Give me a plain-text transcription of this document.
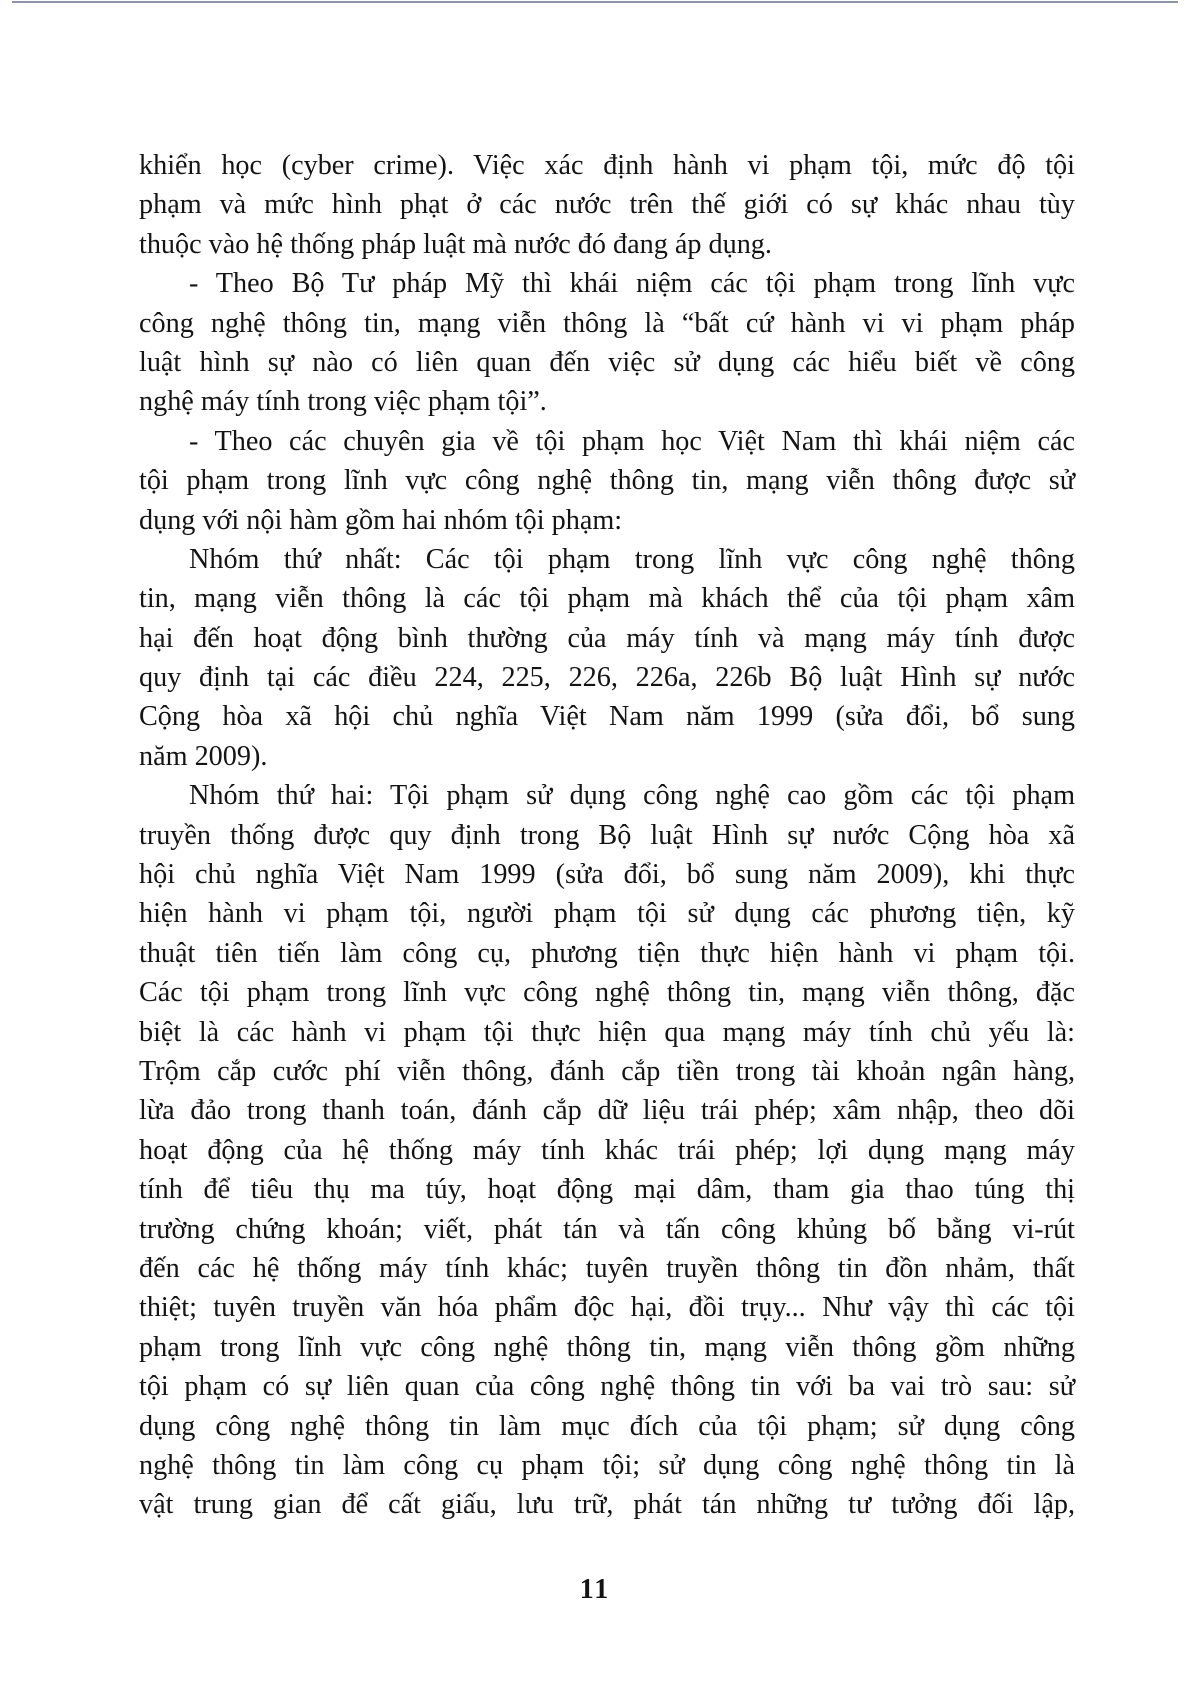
khiển học (cyber crime). Việc xác định hành vi phạm tội, mức độ tội
phạm và mức hình phạt ở các nước trên thế giới có sự khác nhau tùy
thuộc vào hệ thống pháp luật mà nước đó đang áp dụng.
- Theo Bộ Tư pháp Mỹ thì khái niệm các tội phạm trong lĩnh vực
công nghệ thông tin, mạng viễn thông là “bất cứ hành vi vi phạm pháp
luật hình sự nào có liên quan đến việc sử dụng các hiểu biết về công
nghệ máy tính trong việc phạm tội”.
- Theo các chuyên gia về tội phạm học Việt Nam thì khái niệm các
tội phạm trong lĩnh vực công nghệ thông tin, mạng viễn thông được sử
dụng với nội hàm gồm hai nhóm tội phạm:
Nhóm thứ nhất: Các tội phạm trong lĩnh vực công nghệ thông
tin, mạng viễn thông là các tội phạm mà khách thể của tội phạm xâm
hại đến hoạt động bình thường của máy tính và mạng máy tính được
quy định tại các điều 224, 225, 226, 226a, 226b Bộ luật Hình sự nước
Cộng hòa xã hội chủ nghĩa Việt Nam năm 1999 (sửa đổi, bổ sung
năm 2009).
Nhóm thứ hai: Tội phạm sử dụng công nghệ cao gồm các tội phạm
truyền thống được quy định trong Bộ luật Hình sự nước Cộng hòa xã
hội chủ nghĩa Việt Nam 1999 (sửa đổi, bổ sung năm 2009), khi thực
hiện hành vi phạm tội, người phạm tội sử dụng các phương tiện, kỹ
thuật tiên tiến làm công cụ, phương tiện thực hiện hành vi phạm tội.
Các tội phạm trong lĩnh vực công nghệ thông tin, mạng viễn thông, đặc
biệt là các hành vi phạm tội thực hiện qua mạng máy tính chủ yếu là:
Trộm cắp cước phí viễn thông, đánh cắp tiền trong tài khoản ngân hàng,
lừa đảo trong thanh toán, đánh cắp dữ liệu trái phép; xâm nhập, theo dõi
hoạt động của hệ thống máy tính khác trái phép; lợi dụng mạng máy
tính để tiêu thụ ma túy, hoạt động mại dâm, tham gia thao túng thị
trường chứng khoán; viết, phát tán và tấn công khủng bố bằng vi-rút
đến các hệ thống máy tính khác; tuyên truyền thông tin đồn nhảm, thất
thiệt; tuyên truyền văn hóa phẩm độc hại, đồi trụy... Như vậy thì các tội
phạm trong lĩnh vực công nghệ thông tin, mạng viễn thông gồm những
tội phạm có sự liên quan của công nghệ thông tin với ba vai trò sau: sử
dụng công nghệ thông tin làm mục đích của tội phạm; sử dụng công
nghệ thông tin làm công cụ phạm tội; sử dụng công nghệ thông tin là
vật trung gian để cất giấu, lưu trữ, phát tán những tư tưởng đối lập,
11
